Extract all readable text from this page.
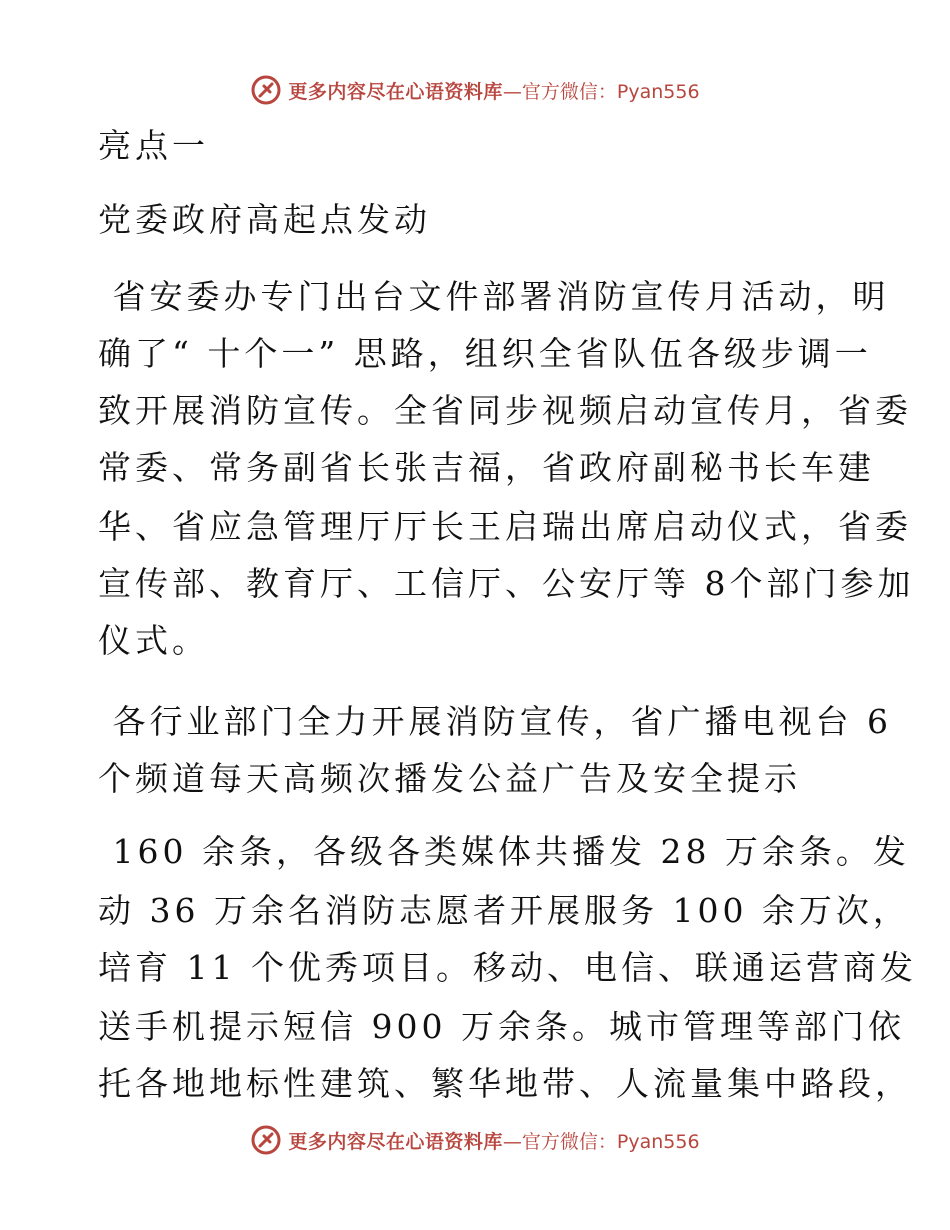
更多内容尽在心语资料库 —官方微信：Pyan556
亮点一
党委政府高起点发动
省安委办专门出台文件部署消防宣传月活动，明
确了“ 十个一” 思路，组织全省队伍各级步调一
致开展消防宣传。全省同步视频启动宣传月，省委
常委、常务副省长张吉福，省政府副秘书长车建
华、省应急管理厅厅长王启瑞出席启动仪式，省委
宣传部、教育厅、工信厅、公安厅等 8个部门参加
仪式。
各行业部门全力开展消防宣传，省广播电视台 6
个频道每天高频次播发公益广告及安全提示
160 余条，各级各类媒体共播发 28 万余条。发
动 36 万余名消防志愿者开展服务 100 余万次，
培育 11 个优秀项目。移动、电信、联通运营商发
送手机提示短信 900 万余条。城市管理等部门依
托各地地标性建筑、繁华地带、人流量集中路段，
更多内容尽在心语资料库 —官方微信：Pyan556
